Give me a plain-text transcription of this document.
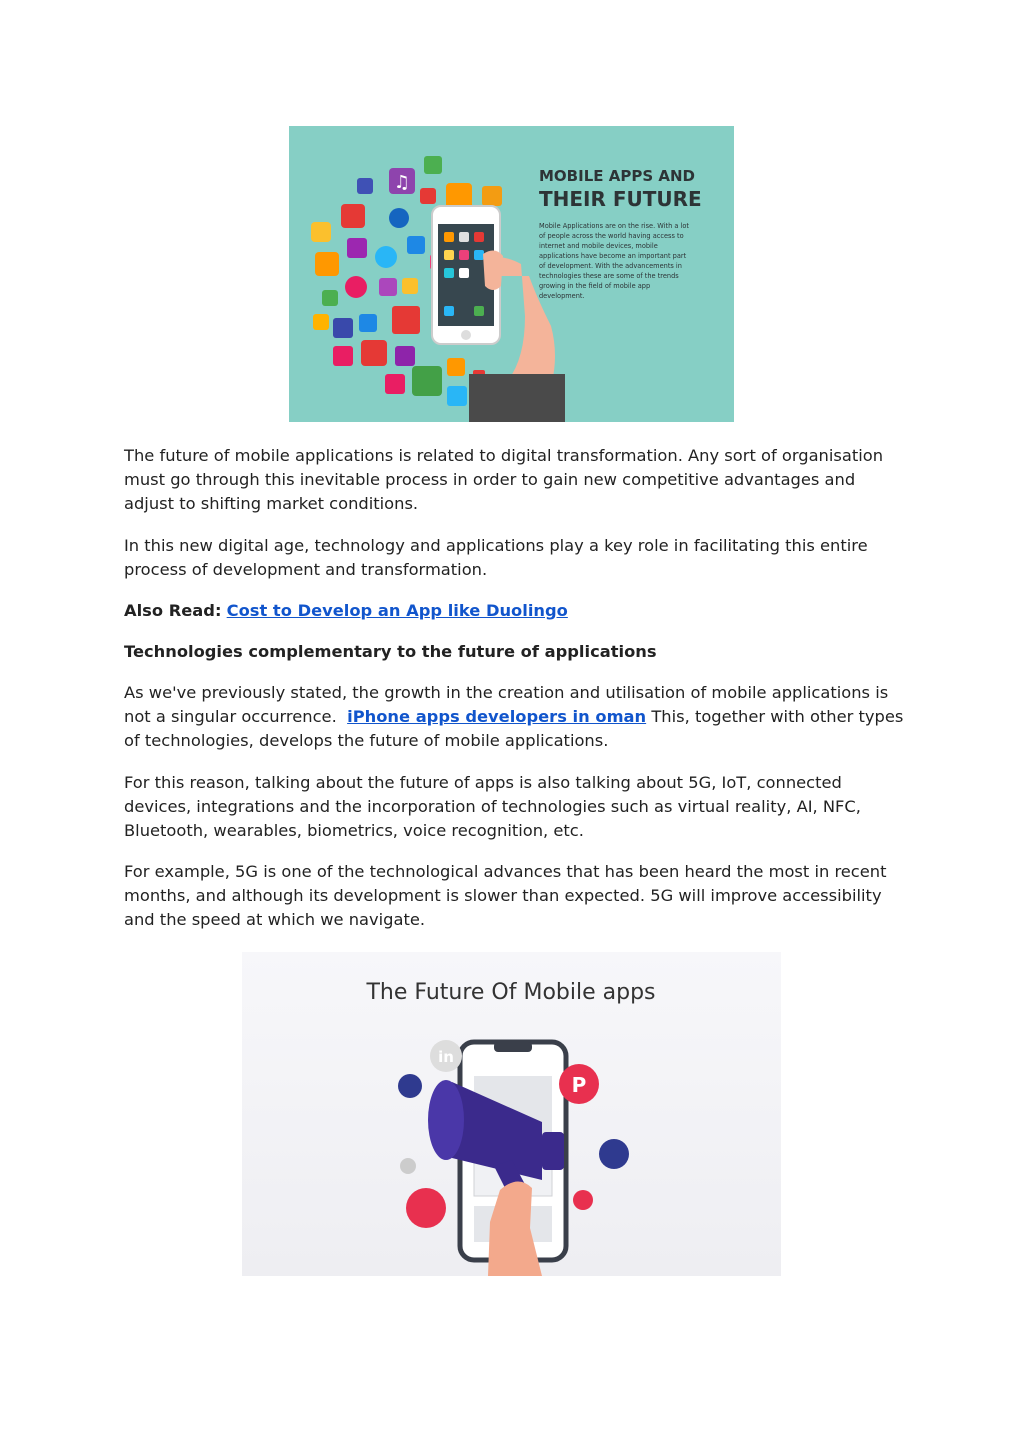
♫	MOBILE APPS AND
THEIR FUTURE
Mobile Applications are on the rise. With a lot
of people across the world having access to
internet and mobile devices, mobile
applications have become an important part
of development. With the advancements in
technologies these are some of the trends
growing in the field of mobile app
development.

The future of mobile applications is related to digital transformation. Any sort of organisation must go through this inevitable process in order to gain new competitive advantages and adjust to shifting market conditions.

In this new digital age, technology and applications play a key role in facilitating this entire process of development and transformation.

Also Read: Cost to Develop an App like Duolingo

Technologies complementary to the future of applications

As we've previously stated, the growth in the creation and utilisation of mobile applications is not a singular occurrence. iPhone apps developers in oman This, together with other types of technologies, develops the future of mobile applications.

For this reason, talking about the future of apps is also talking about 5G, IoT, connected devices, integrations and the incorporation of technologies such as virtual reality, AI, NFC, Bluetooth, wearables, biometrics, voice recognition, etc.

For example, 5G is one of the technological advances that has been heard the most in recent months, and although its development is slower than expected. 5G will improve accessibility and the speed at which we navigate.

The Future Of Mobile apps
in
P
